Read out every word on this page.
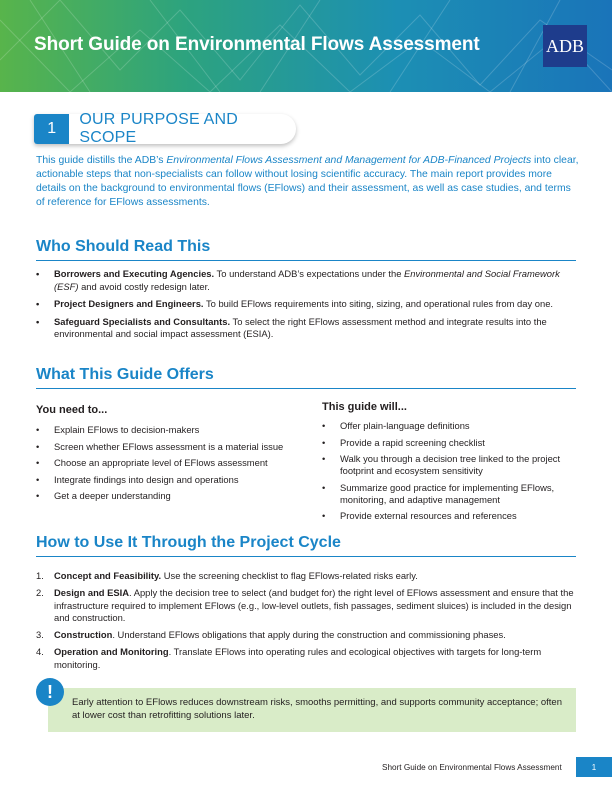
Short Guide on Environmental Flows Assessment	ADB
1
OUR PURPOSE AND SCOPE

This guide distills the ADB’s Environmental Flows Assessment and Management for ADB-Financed Projects into clear, actionable steps that non-specialists can follow without losing scientific accuracy. The main report provides more details on the background to environmental flows (EFlows) and their assessment, as well as case studies, and terms of reference for EFlows assessments.

Who Should Read This
• Borrowers and Executing Agencies. To understand ADB’s expectations under the Environmental and Social Framework (ESF) and avoid costly redesign later.
• Project Designers and Engineers. To build EFlows requirements into siting, sizing, and operational rules from day one.
• Safeguard Specialists and Consultants. To select the right EFlows assessment method and integrate results into the environmental and social impact assessment (ESIA).
What This Guide Offers
You need to...
• Explain EFlows to decision-makers
• Screen whether EFlows assessment is a material issue
• Choose an appropriate level of EFlows assessment
• Integrate findings into design and operations
• Get a deeper understanding
This guide will...
• Offer plain-language definitions
• Provide a rapid screening checklist
• Walk you through a decision tree linked to the project footprint and ecosystem sensitivity
• Summarize good practice for implementing EFlows, monitoring, and adaptive management
• Provide external resources and references
How to Use It Through the Project Cycle
1. Concept and Feasibility. Use the screening checklist to flag EFlows-related risks early.
2. Design and ESIA. Apply the decision tree to select (and budget for) the right level of EFlows assessment and ensure that the infrastructure required to implement EFlows (e.g., low-level outlets, fish passages, sediment sluices) is included in the design and construction.
3. Construction. Understand EFlows obligations that apply during the construction and commissioning phases.
4. Operation and Monitoring. Translate EFlows into operating rules and ecological objectives with targets for long-term monitoring.
Early attention to EFlows reduces downstream risks, smooths permitting, and supports community acceptance; often at lower cost than retrofitting solutions later.
!
Short Guide on Environmental Flows Assessment	1
